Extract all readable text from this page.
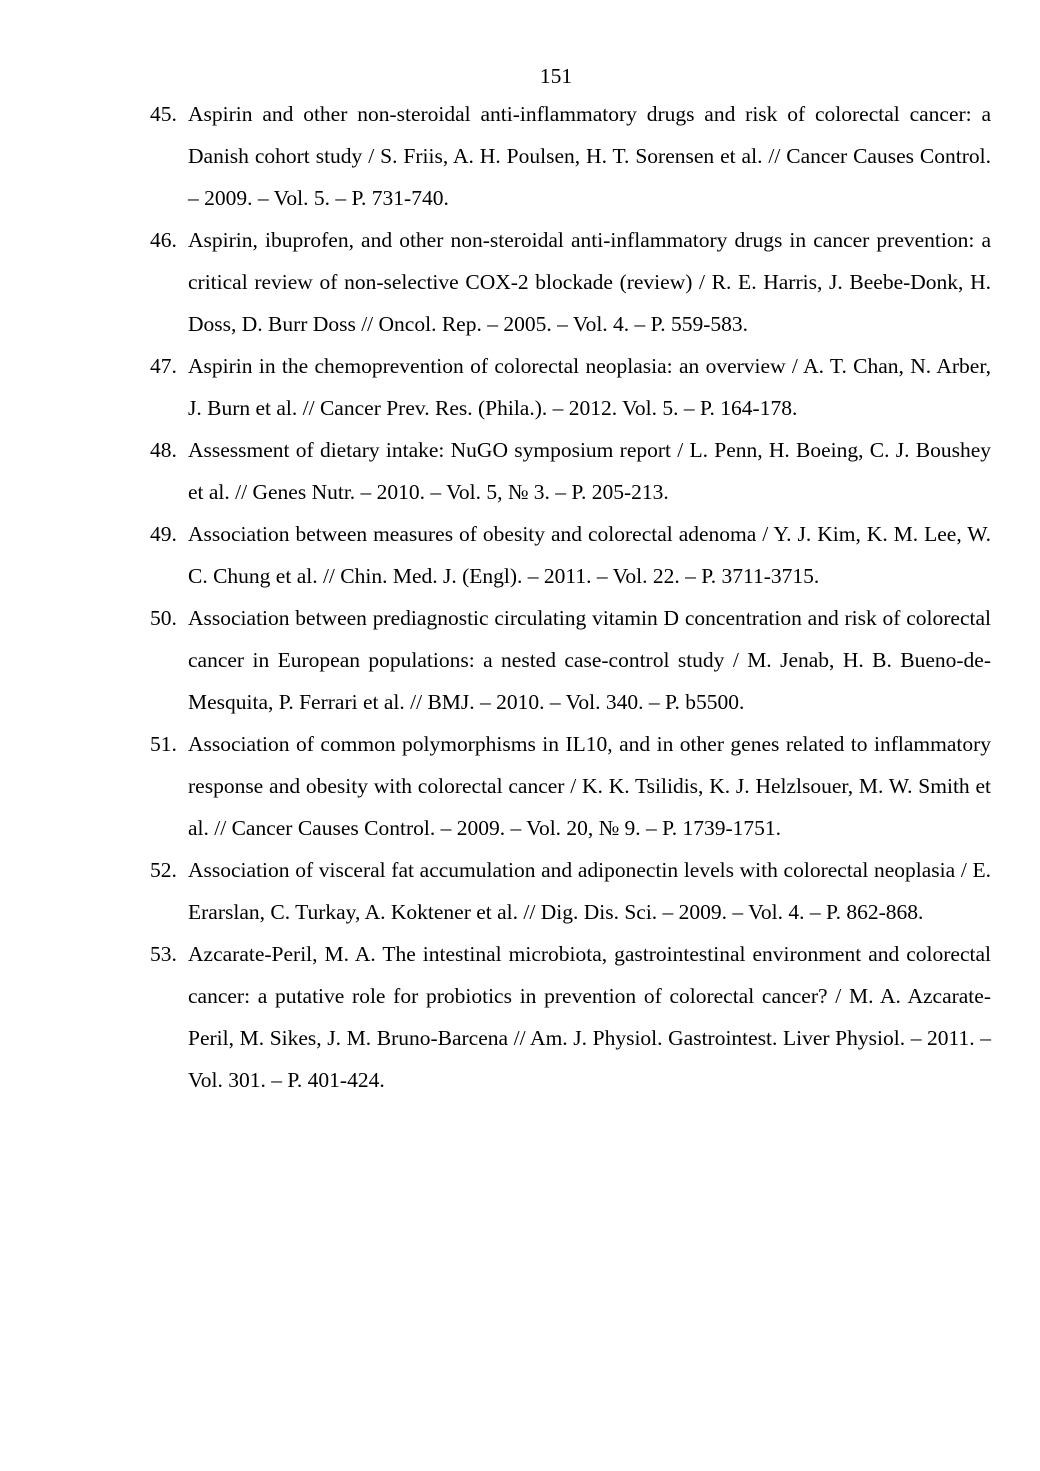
151
45. Aspirin and other non-steroidal anti-inflammatory drugs and risk of colorectal cancer: a Danish cohort study / S. Friis, A. H. Poulsen, H. T. Sorensen et al. // Cancer Causes Control. – 2009. – Vol. 5. – P. 731-740.
46. Aspirin, ibuprofen, and other non-steroidal anti-inflammatory drugs in cancer prevention: a critical review of non-selective COX-2 blockade (review) / R. E. Harris, J. Beebe-Donk, H. Doss, D. Burr Doss // Oncol. Rep. – 2005. – Vol. 4. – P. 559-583.
47. Aspirin in the chemoprevention of colorectal neoplasia: an overview / A. T. Chan, N. Arber, J. Burn et al. // Cancer Prev. Res. (Phila.). – 2012. Vol. 5. – P. 164-178.
48. Assessment of dietary intake: NuGO symposium report / L. Penn, H. Boeing, C. J. Boushey et al. // Genes Nutr. – 2010. – Vol. 5, № 3. – P. 205-213.
49. Association between measures of obesity and colorectal adenoma / Y. J. Kim, K. M. Lee, W. C. Chung et al. // Chin. Med. J. (Engl). – 2011. – Vol. 22. – P. 3711-3715.
50. Association between prediagnostic circulating vitamin D concentration and risk of colorectal cancer in European populations: a nested case-control study / M. Jenab, H. B. Bueno-de-Mesquita, P. Ferrari et al. // BMJ. – 2010. – Vol. 340. – P. b5500.
51. Association of common polymorphisms in IL10, and in other genes related to inflammatory response and obesity with colorectal cancer / K. K. Tsilidis, K. J. Helzlsouer, M. W. Smith et al. // Cancer Causes Control. – 2009. – Vol. 20, № 9. – P. 1739-1751.
52. Association of visceral fat accumulation and adiponectin levels with colorectal neoplasia / E. Erarslan, C. Turkay, A. Koktener et al. // Dig. Dis. Sci. – 2009. – Vol. 4. – P. 862-868.
53. Azcarate-Peril, M. A. The intestinal microbiota, gastrointestinal environment and colorectal cancer: a putative role for probiotics in prevention of colorectal cancer? / M. A. Azcarate-Peril, M. Sikes, J. M. Bruno-Barcena // Am. J. Physiol. Gastrointest. Liver Physiol. – 2011. – Vol. 301. – P. 401-424.
